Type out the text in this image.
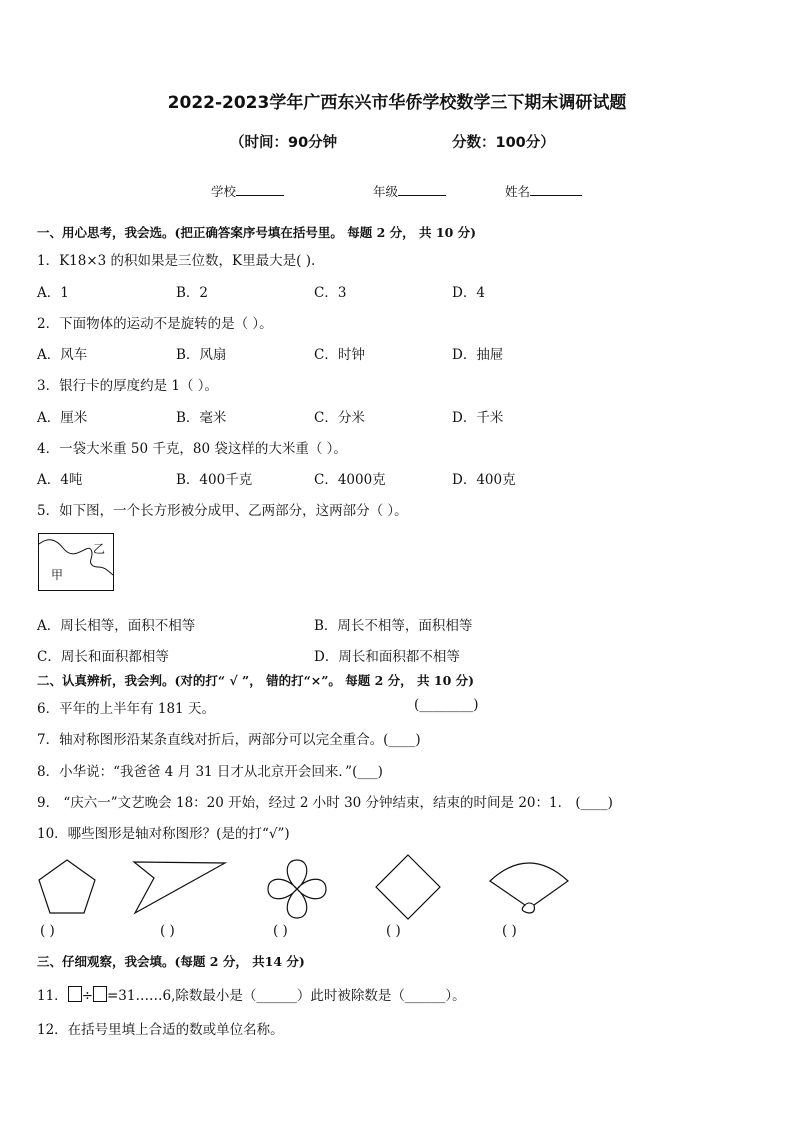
2022-2023学年广西东兴市华侨学校数学三下期末调研试题
（时间：90分钟	分数：100分）
学校	年级	姓名
一、用心思考，我会选。(把正确答案序号填在括号里。 每题 2 分， 共 10 分)
1．K18×3 的积如果是三位数，K里最大是( ).
A．1	B．2	C．3	D．4
2．下面物体的运动不是旋转的是（ ）。
A．风车	B．风扇	C．时钟	D．抽屉
3．银行卡的厚度约是 1（ ）。
A．厘米	B．毫米	C．分米	D．千米
4．一袋大米重 50 千克，80 袋这样的大米重（ ）。
A．4吨	B．400千克	C．4000克	D．400克
5．如下图，一个长方形被分成甲、乙两部分，这两部分（ ）。
甲
乙
A．周长相等，面积不相等	B．周长不相等，面积相等
C．周长和面积都相等	D．周长和面积都不相等
二、认真辨析，我会判。(对的打“ √ ”， 错的打“×”。 每题 2 分， 共 10 分)
6．平年的上半年有 181 天。	(________)
7．轴对称图形沿某条直线对折后，两部分可以完全重合。(____)
8．小华说：“我爸爸 4 月 31 日才从北京开会回来．”(___)
9． “庆六一”文艺晚会 18：20 开始，经过 2 小时 30 分钟结束，结束的时间是 20：1． (____)
10．哪些图形是轴对称图形？(是的打“√”)
( )	( )	( )	( )	( )
三、仔细观察，我会填。(每题 2 分， 共14 分)
11． ÷ =31……6,除数最小是（______）此时被除数是（______）。
12．在括号里填上合适的数或单位名称。
